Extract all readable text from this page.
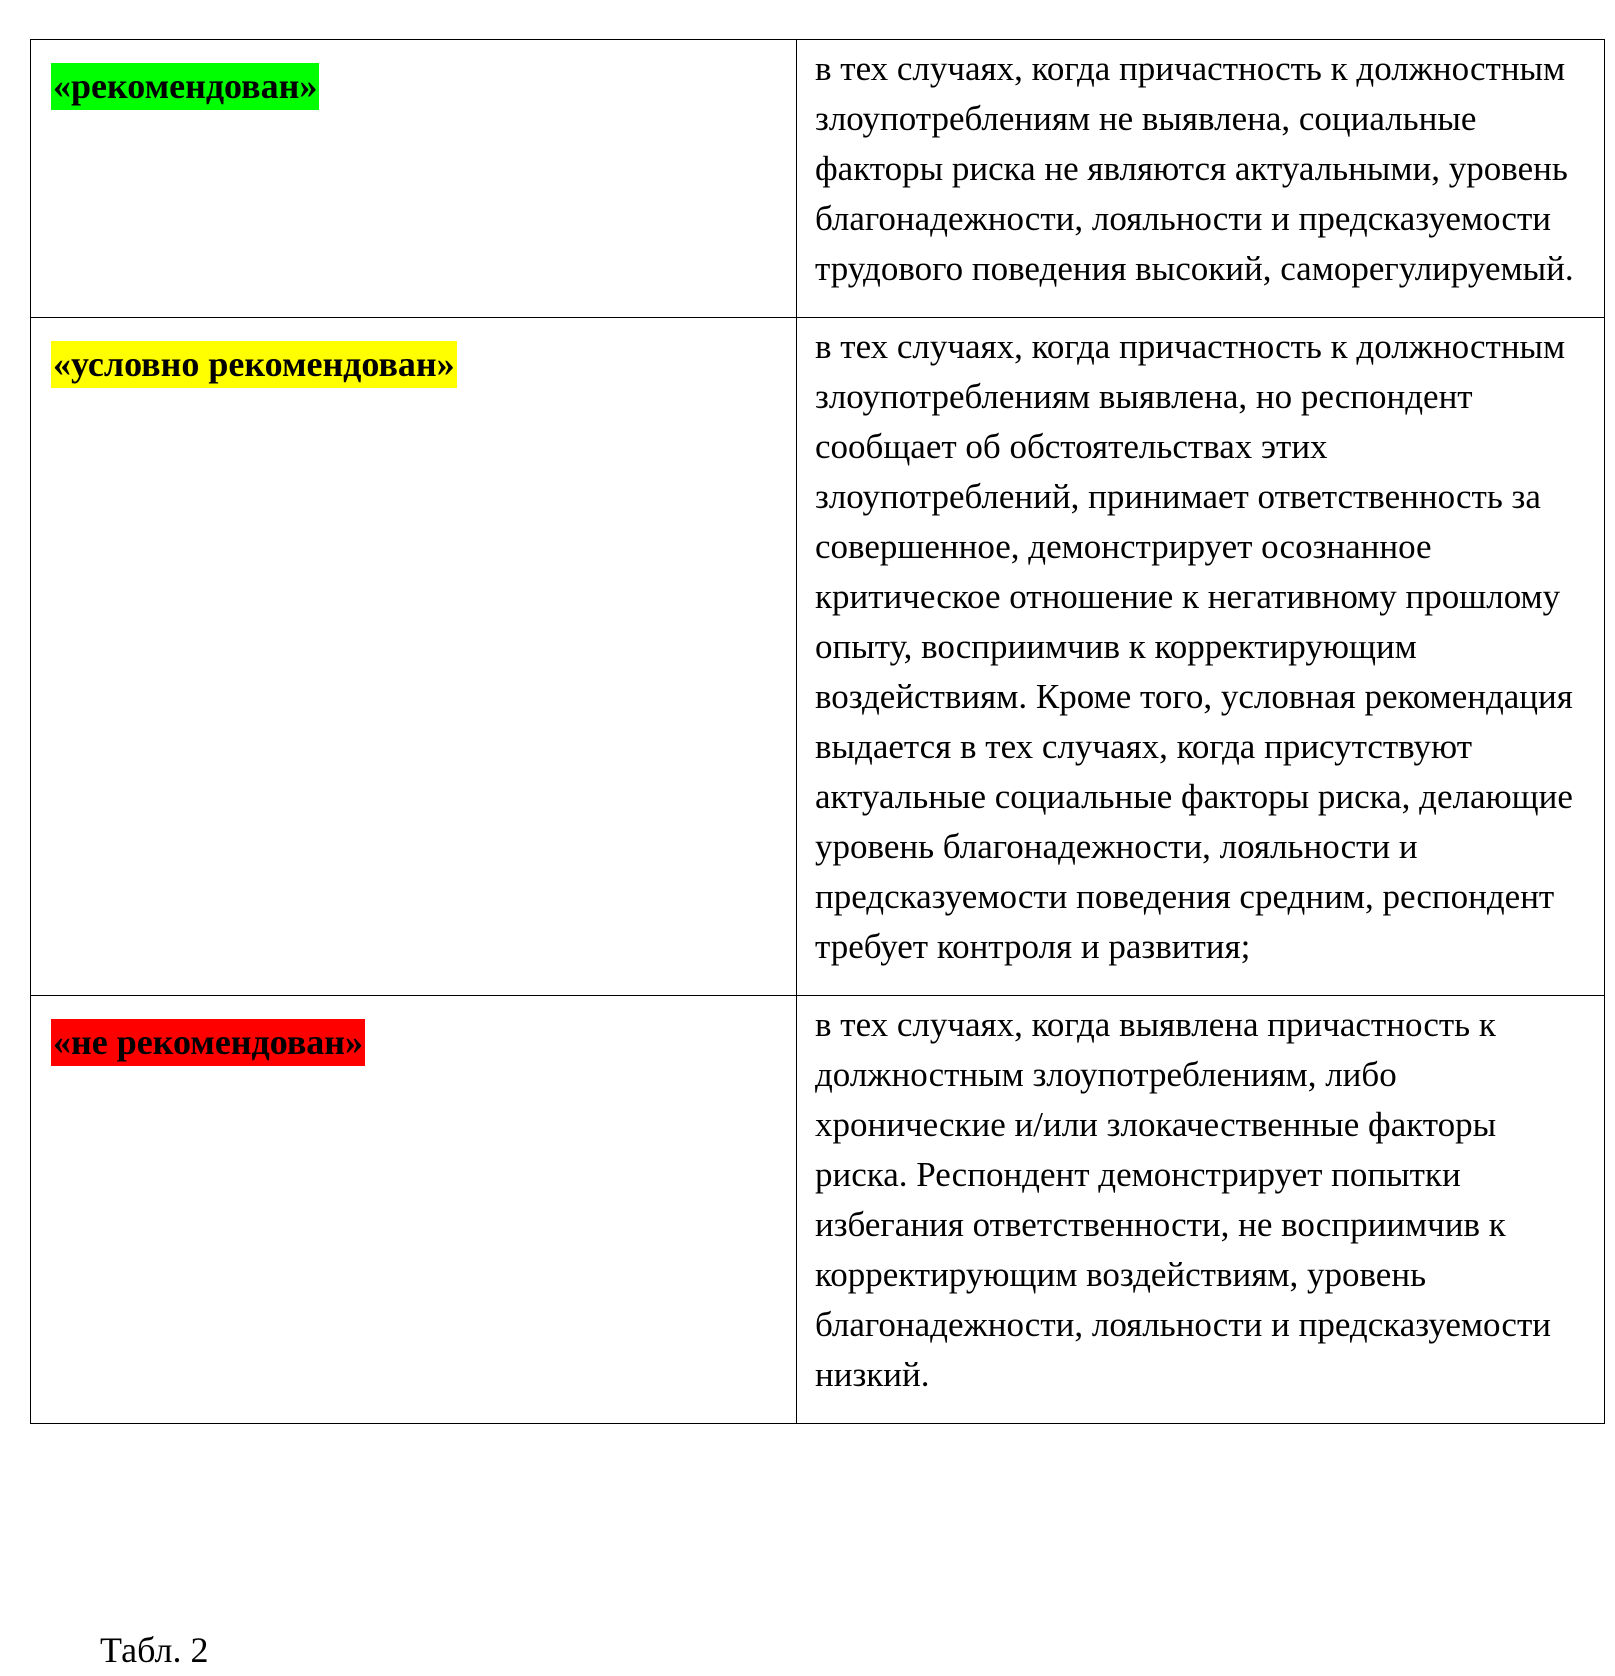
«рекомендован»	в тех случаях, когда причастность к должностным злоупотреблениям не выявлена, социальные факторы риска не являются актуальными, уровень благонадежности, лояльности и предсказуемости трудового поведения высокий, саморегулируемый.

«условно рекомендован»	в тех случаях, когда причастность к должностным злоупотреблениям выявлена, но респондент сообщает об обстоятельствах этих злоупотреблений, принимает ответственность за совершенное, демонстрирует осознанное критическое отношение к негативному прошлому опыту, восприимчив к корректирующим воздействиям. Кроме того, условная рекомендация выдается в тех случаях, когда присутствуют актуальные социальные факторы риска, делающие уровень благонадежности, лояльности и предсказуемости поведения средним, респондент требует контроля и развития;

«не рекомендован»	в тех случаях, когда выявлена причастность к должностным злоупотреблениям, либо хронические и/или злокачественные факторы риска. Респондент демонстрирует попытки избегания ответственности, не восприимчив к корректирующим воздействиям, уровень благонадежности, лояльности и предсказуемости низкий.
Табл. 2
